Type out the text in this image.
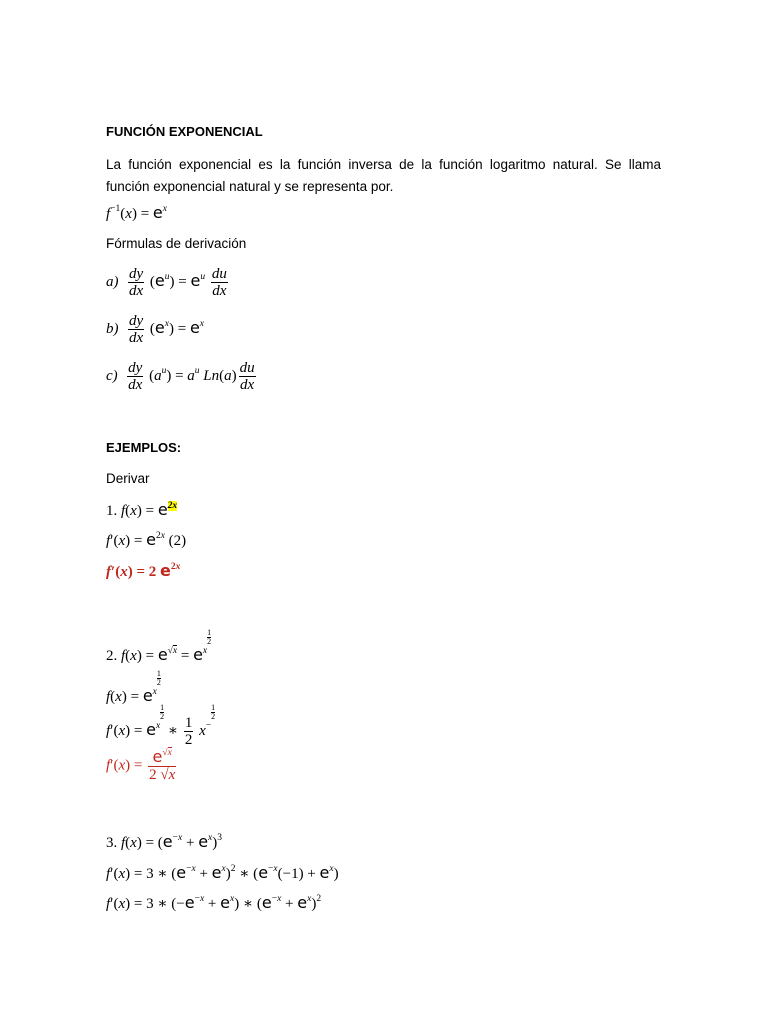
FUNCIÓN EXPONENCIAL
La función exponencial es la función inversa de la función logaritmo natural. Se llama función exponencial natural y se representa por.
$f^{-1}(x) = e^x$
Fórmulas de derivación
$a) \frac{dy}{dx} (e^u) = e^u \frac{du}{dx}$
$b) \frac{dy}{dx} (e^x) = e^x$
$c) \frac{dy}{dx} (a^u) = a^u$ $Ln(a) \frac{du}{dx}$
EJEMPLOS:
Derivar
1. $f(x) = e^{2x}$
$f'(x) = e^{2x}$ (2)
f′(x) = 2 $e^{2x}$
2. $f(x) = e^{√x} = e^{x \frac{1}{2}}$
$f(x) = e^{x \frac{1}{2}}$
$f'(x) = e^{x \frac{1}{2}}$
∗ $\frac{1}{2} x^{- \frac{1}{2}}$
$f'(x) = \frac{e^{√x}}{2 √x}$
3. $f(x) = (e^{-x} + e^x)^3$
f′(x) = 3 ∗ $(e^{-x} + e^x)^2$ ∗ $(e^{-x}(-1) + e^x)$
f′(x) = 3 ∗ $(-e^{-x} + e^x)$ ∗ $(e^{-x} + e^x)^2$
